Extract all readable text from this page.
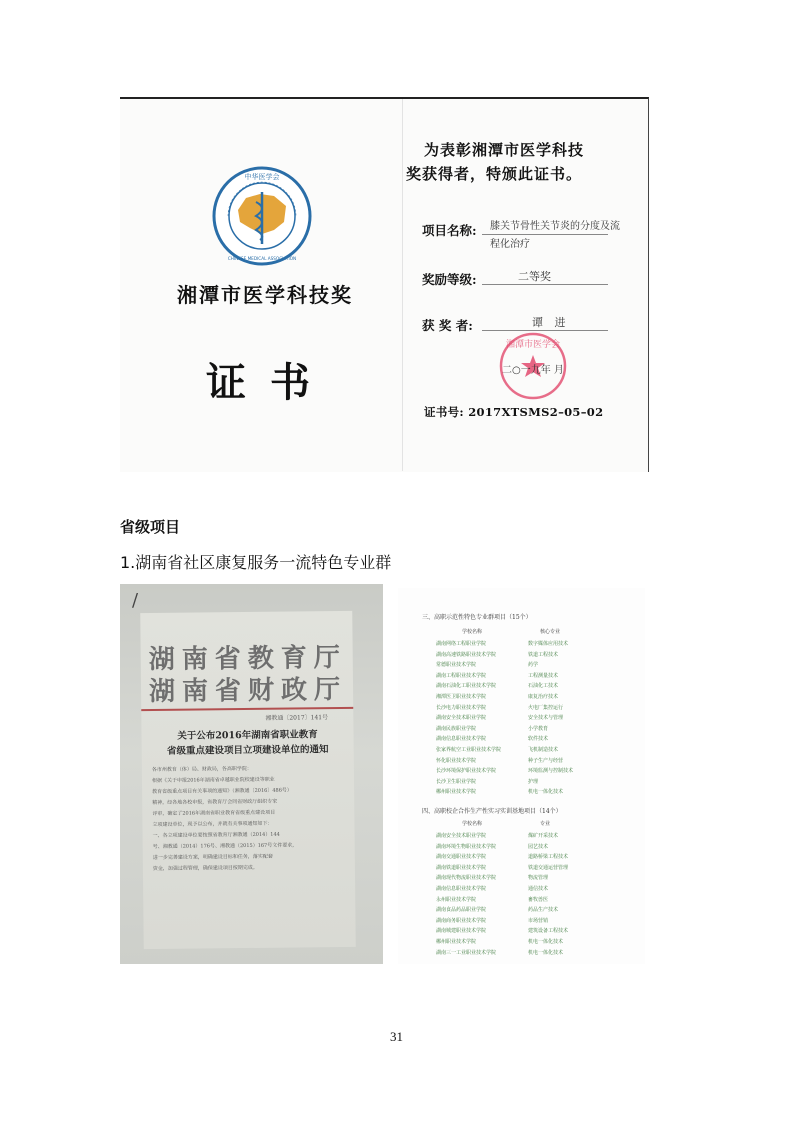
中华医学会
CHINESE MEDICAL ASSOCIATION
湘潭市医学科技奖
证书
为表彰湘潭市医学科技
奖获得者，特颁此证书。
项目名称: 膝关节骨性关节炎的分度及流
程化治疗
奖励等级:	二等奖
获 奖 者:	谭 进
湘潭市医学会
二○一九年 月
证书号: 2017XTSMS2–05–02
省级项目
1.湖南省社区康复服务一流特色专业群
/
湖南省教育厅
湖南省财政厅
湘教通〔2017〕141号
关于公布2016年湖南省职业教育
省级重点建设项目立项建设单位的通知
各市州教育（体）局、财政局，各高职学院：
根据《关于申报2016年湖南省卓越职业院校建设等职业
教育省级重点项目有关事项的通知》（湘教通〔2016〕486号）
精神，经各地各校申报，省教育厅会同省财政厅组织专家
评审，确定了2016年湖南省职业教育省级重点建设项目
立项建设单位，现予以公布，并就有关事项通知如下：
一、各立项建设单位要按照省教育厅湘教通（2014）144
号、湘教通（2014）176号、湘教通（2015）167号文件要求，
进一步完善建设方案，明确建设目标和任务，落实配套
资金，加强过程管理，确保建设项目按期完成。
三、高职示范性特色专业群项目（15个）
学校名称	核心专业
湖南网络工程职业学院	数字媒体应用技术
湖南高速铁路职业技术学院	铁道工程技术
常德职业技术学院	药学
湖南工程职业技术学院	工程测量技术
湖南石油化工职业技术学院	石油化工技术
湘潭医卫职业技术学院	康复治疗技术
长沙电力职业技术学院	火电厂集控运行
湖南安全技术职业学院	安全技术与管理
湖南民族职业学院	小学教育
湖南信息职业技术学院	软件技术
张家界航空工业职业技术学院	飞机制造技术
怀化职业技术学院	种子生产与经营
长沙环境保护职业技术学院	环境监测与控制技术
长沙卫生职业学院	护理
郴州职业技术学院	机电一体化技术
四、高职校企合作生产性实习实训基地项目（14个）
学校名称	专业
湖南安全技术职业学院	煤矿开采技术
湖南环境生物职业技术学院	园艺技术
湖南交通职业技术学院	道路桥梁工程技术
湖南铁道职业技术学院	铁道交通运营管理
湖南现代物流职业技术学院	物流管理
湖南信息职业技术学院	通信技术
永州职业技术学院	畜牧兽医
湖南食品药品职业学院	药品生产技术
湖南商务职业技术学院	市场营销
湖南城建职业技术学院	建筑设备工程技术
郴州职业技术学院	机电一体化技术
湖南三一工业职业技术学院	机电一体化技术
31
